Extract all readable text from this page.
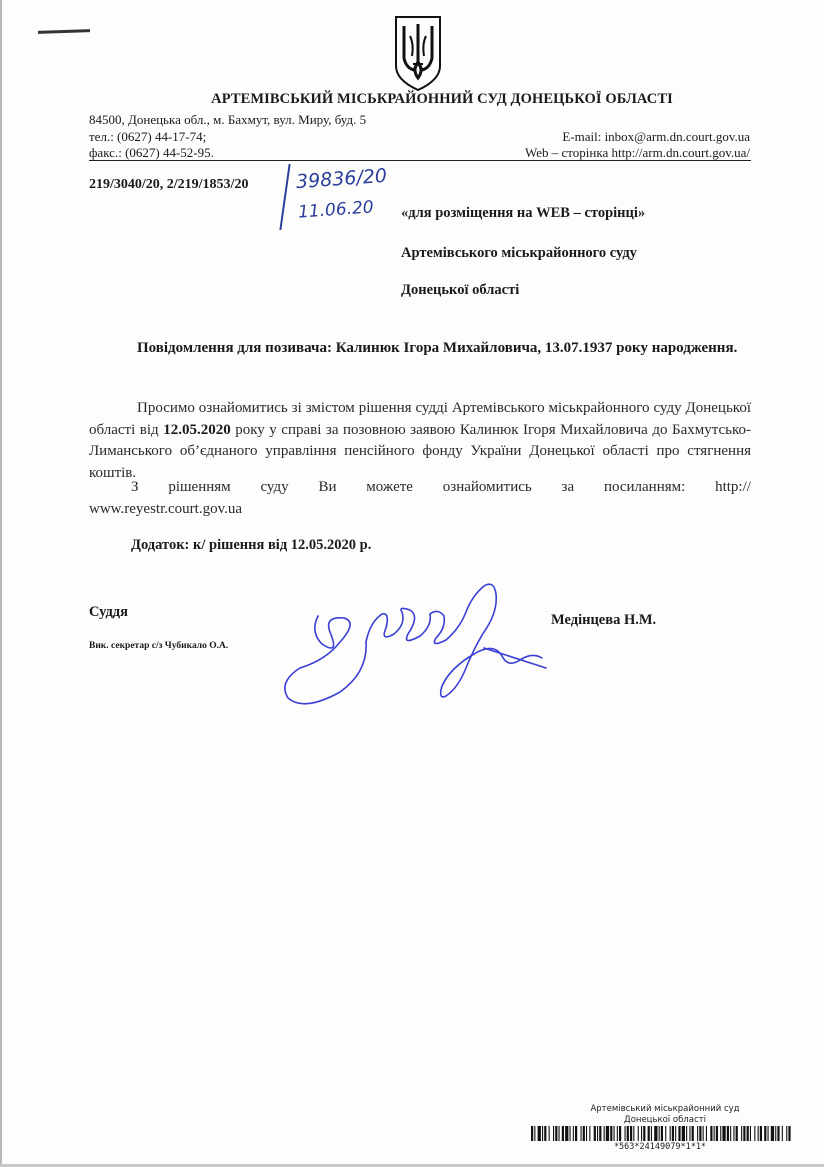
АРТЕМІВСЬКИЙ МІСЬКРАЙОННИЙ СУД ДОНЕЦЬКОЇ ОБЛАСТІ
84500, Донецька обл., м. Бахмут, вул. Миру, буд. 5
тел.: (0627) 44-17-74;
факс.: (0627) 44-52-95.
E-mail: inbox@arm.dn.court.gov.ua
Web – сторінка http://arm.dn.court.gov.ua/
219/3040/20, 2/219/1853/20 39836/20
11.06.20 «для розміщення на WEB – сторінці»
Артемівського міськрайонного суду
Донецької області
Повідомлення для позивача: Калинюк Ігора Михайловича, 13.07.1937 року народження.
Просимо ознайомитись зі змістом рішення судді Артемівського міськрайонного суду Донецької області від 12.05.2020 року у справі за позовною заявою Калинюк Ігоря Михайловича до Бахмутсько-Лиманського об’єднаного управління пенсійного фонду України Донецької області про стягнення коштів.
З рішенням суду Ви можете ознайомитись за посиланням: http://
www.reyestr.court.gov.ua
Додаток: к/ рішення від 12.05.2020 р.
Суддя
Вик. секретар с/з Чубикало О.А.
Медінцева Н.М.
Артемівський міськрайонний суд
Донецької області
*563*24149079*1*1*
